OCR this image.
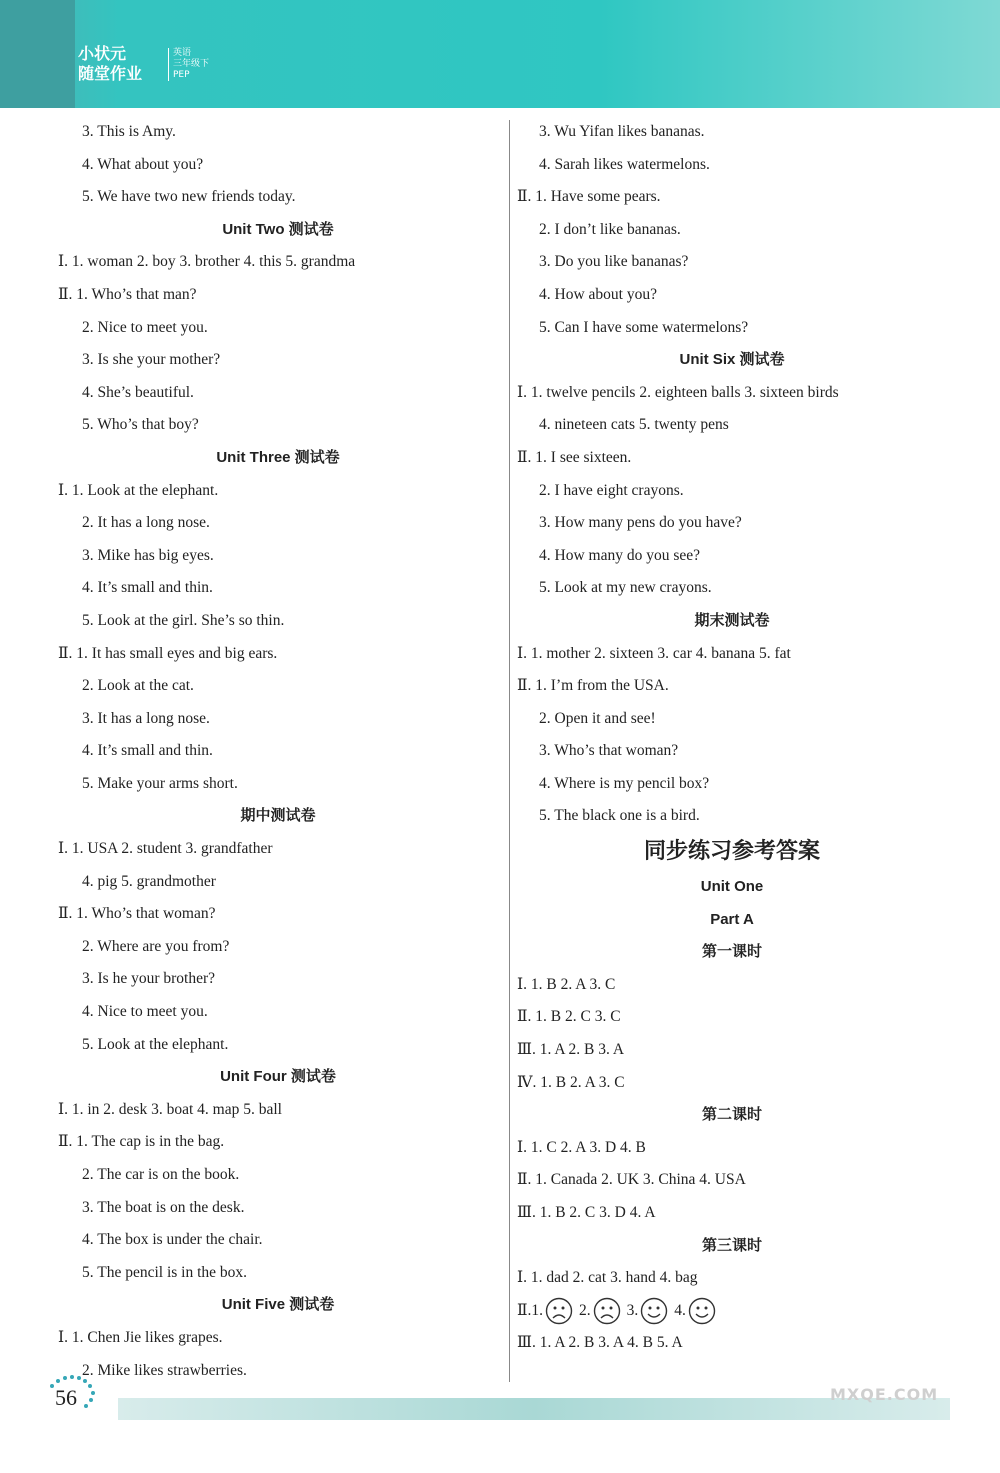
小状元
随堂作业
英语
三年级下
PEP
3. This is Amy.
4. What about you?
5. We have two new friends today.
Unit Two 测试卷
Ⅰ. 1. woman 2. boy 3. brother 4. this 5. grandma
Ⅱ. 1. Who’s that man?
2. Nice to meet you.
3. Is she your mother?
4. She’s beautiful.
5. Who’s that boy?
Unit Three 测试卷
Ⅰ. 1. Look at the elephant.
2. It has a long nose.
3. Mike has big eyes.
4. It’s small and thin.
5. Look at the girl. She’s so thin.
Ⅱ. 1. It has small eyes and big ears.
2. Look at the cat.
3. It has a long nose.
4. It’s small and thin.
5. Make your arms short.
期中测试卷
Ⅰ. 1. USA 2. student 3. grandfather
4. pig 5. grandmother
Ⅱ. 1. Who’s that woman?
2. Where are you from?
3. Is he your brother?
4. Nice to meet you.
5. Look at the elephant.
Unit Four 测试卷
Ⅰ. 1. in 2. desk 3. boat 4. map 5. ball
Ⅱ. 1. The cap is in the bag.
2. The car is on the book.
3. The boat is on the desk.
4. The box is under the chair.
5. The pencil is in the box.
Unit Five 测试卷
Ⅰ. 1. Chen Jie likes grapes.
2. Mike likes strawberries.
3. Wu Yifan likes bananas.
4. Sarah likes watermelons.
Ⅱ. 1. Have some pears.
2. I don’t like bananas.
3. Do you like bananas?
4. How about you?
5. Can I have some watermelons?
Unit Six 测试卷
Ⅰ. 1. twelve pencils 2. eighteen balls 3. sixteen birds
4. nineteen cats 5. twenty pens
Ⅱ. 1. I see sixteen.
2. I have eight crayons.
3. How many pens do you have?
4. How many do you see?
5. Look at my new crayons.
期末测试卷
Ⅰ. 1. mother 2. sixteen 3. car 4. banana 5. fat
Ⅱ. 1. I’m from the USA.
2. Open it and see!
3. Who’s that woman?
4. Where is my pencil box?
5. The black one is a bird.
同步练习参考答案
Unit One
Part A
第一课时
Ⅰ. 1. B 2. A 3. C
Ⅱ. 1. B 2. C 3. C
Ⅲ. 1. A 2. B 3. A
Ⅳ. 1. B 2. A 3. C
第二课时
Ⅰ. 1. C 2. A 3. D 4. B
Ⅱ. 1. Canada 2. UK 3. China 4. USA
Ⅲ. 1. B 2. C 3. D 4. A
第三课时
Ⅰ. 1. dad 2. cat 3. hand 4. bag
Ⅱ.1. 2. 3. 4.
Ⅲ. 1. A 2. B 3. A 4. B 5. A
56	MXQE.COM
